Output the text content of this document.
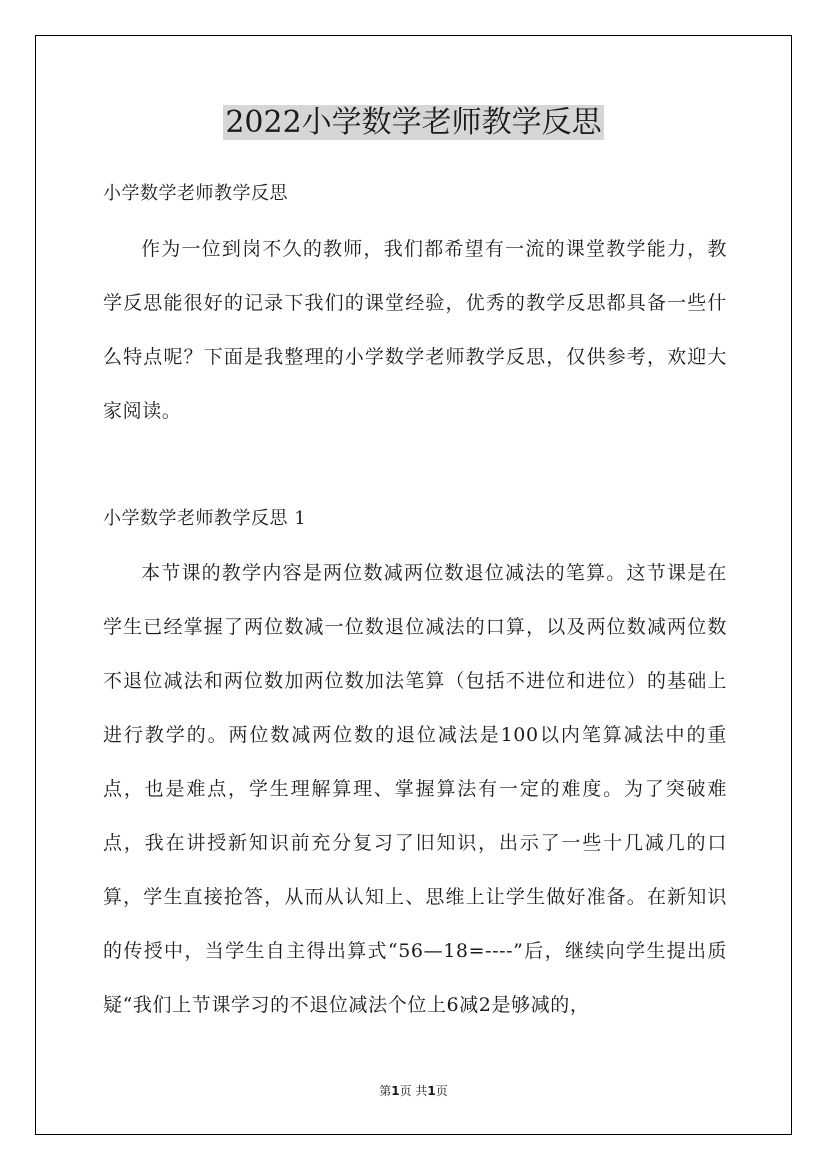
2022小学数学老师教学反思
小学数学老师教学反思
作为一位到岗不久的教师，我们都希望有一流的课堂教学能力，教学反思能很好的记录下我们的课堂经验，优秀的教学反思都具备一些什么特点呢？下面是我整理的小学数学老师教学反思，仅供参考，欢迎大家阅读。
小学数学老师教学反思 1
本节课的教学内容是两位数减两位数退位减法的笔算。这节课是在学生已经掌握了两位数减一位数退位减法的口算，以及两位数减两位数不退位减法和两位数加两位数加法笔算（包括不进位和进位）的基础上进行教学的。两位数减两位数的退位减法是100以内笔算减法中的重点，也是难点，学生理解算理、掌握算法有一定的难度。为了突破难点，我在讲授新知识前充分复习了旧知识，出示了一些十几减几的口算，学生直接抢答，从而从认知上、思维上让学生做好准备。在新知识的传授中，当学生自主得出算式“56—18=----”后，继续向学生提出质疑“我们上节课学习的不退位减法个位上6减2是够减的，
第1页 共1页
